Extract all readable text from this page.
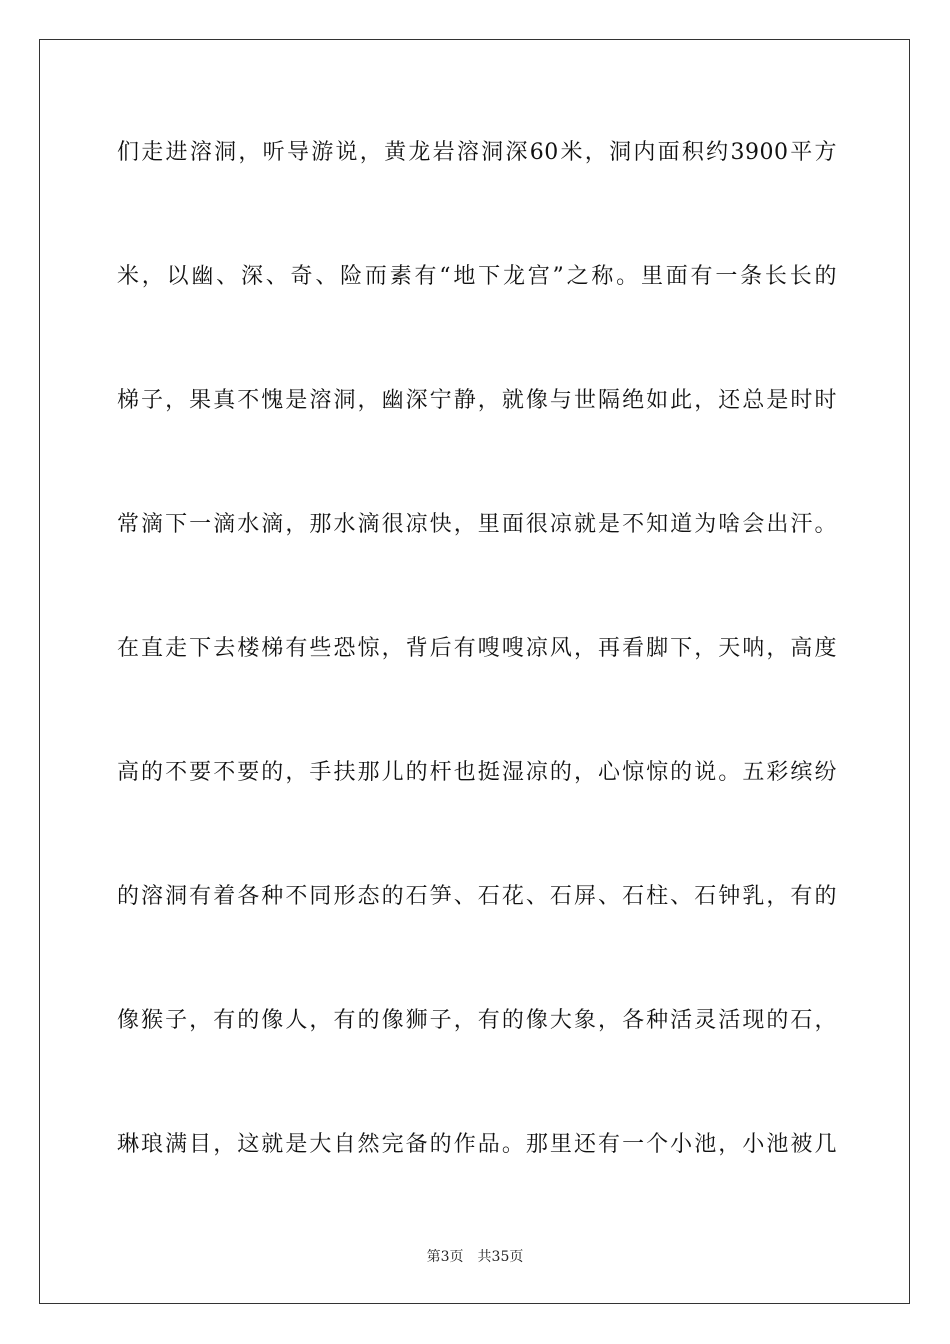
们走进溶洞，听导游说，黄龙岩溶洞深60米，洞内面积约3900平方
米，以幽、深、奇、险而素有“地下龙宫”之称。里面有一条长长的
梯子，果真不愧是溶洞，幽深宁静，就像与世隔绝如此，还总是时时
常滴下一滴水滴，那水滴很凉快，里面很凉就是不知道为啥会出汗。
在直走下去楼梯有些恐惊，背后有嗖嗖凉风，再看脚下，天呐，高度
高的不要不要的，手扶那儿的杆也挺湿凉的，心惊惊的说。五彩缤纷
的溶洞有着各种不同形态的石笋、石花、石屏、石柱、石钟乳，有的
像猴子，有的像人，有的像狮子，有的像大象，各种活灵活现的石，
琳琅满目，这就是大自然完备的作品。那里还有一个小池，小池被几
第3页 共35页
